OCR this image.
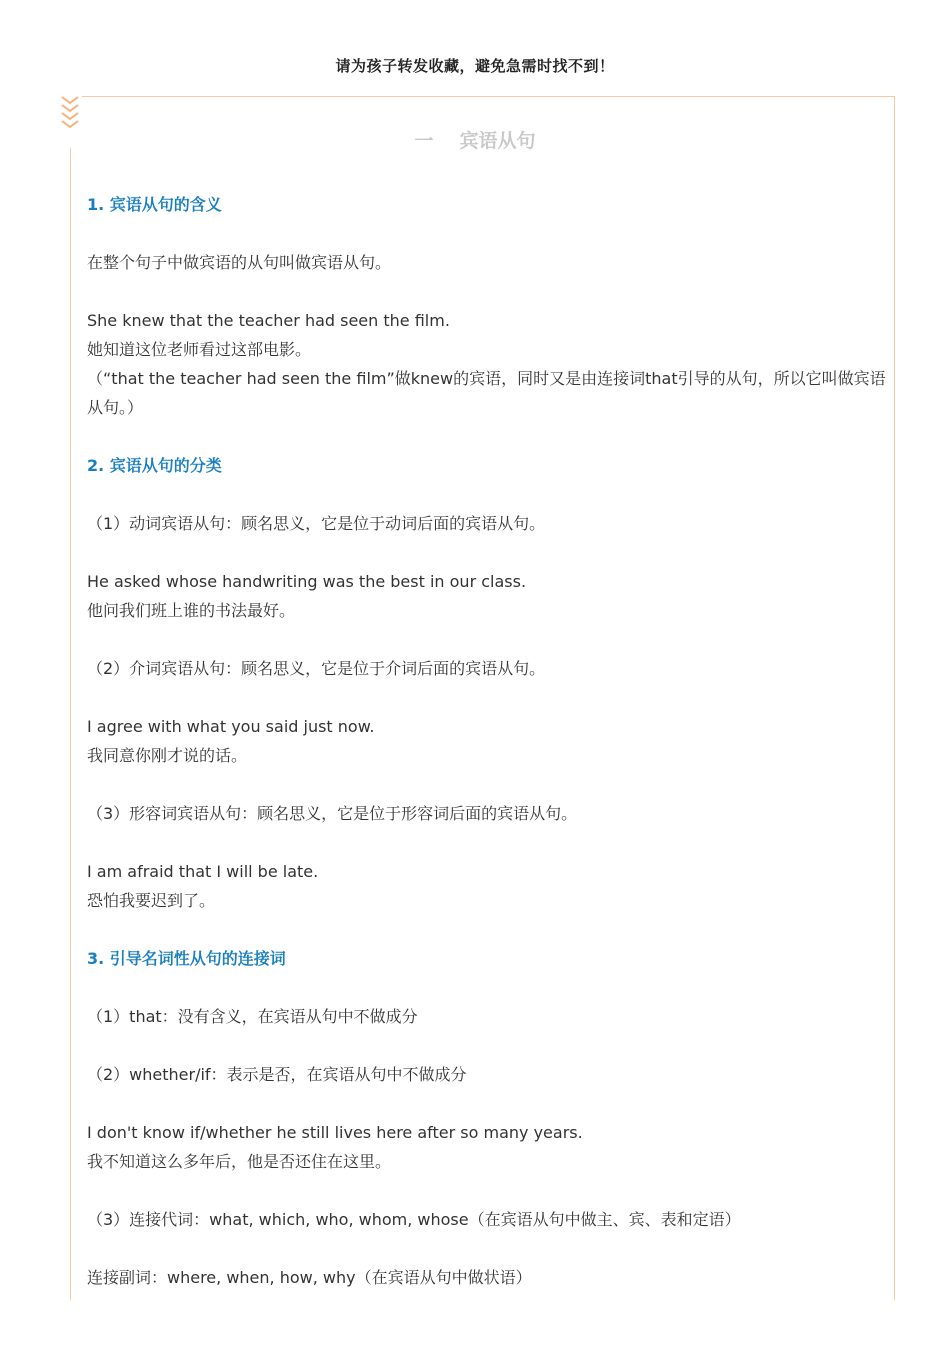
请为孩子转发收藏，避免急需时找不到！
一 宾语从句

1. 宾语从句的含义

在整个句子中做宾语的从句叫做宾语从句。

She knew that the teacher had seen the film.

她知道这位老师看过这部电影。

（“that the teacher had seen the film”做knew的宾语，同时又是由连接词that引导的从句，所以它叫做宾语从句。）

2. 宾语从句的分类

（1）动词宾语从句：顾名思义，它是位于动词后面的宾语从句。

He asked whose handwriting was the best in our class.

他问我们班上谁的书法最好。

（2）介词宾语从句：顾名思义，它是位于介词后面的宾语从句。

I agree with what you said just now.

我同意你刚才说的话。

（3）形容词宾语从句：顾名思义，它是位于形容词后面的宾语从句。

I am afraid that I will be late.

恐怕我要迟到了。

3. 引导名词性从句的连接词

（1）that：没有含义，在宾语从句中不做成分

（2）whether/if：表示是否，在宾语从句中不做成分

I don't know if/whether he still lives here after so many years.

我不知道这么多年后，他是否还住在这里。

（3）连接代词：what, which, who, whom, whose（在宾语从句中做主、宾、表和定语）

连接副词：where, when, how, why（在宾语从句中做状语）
